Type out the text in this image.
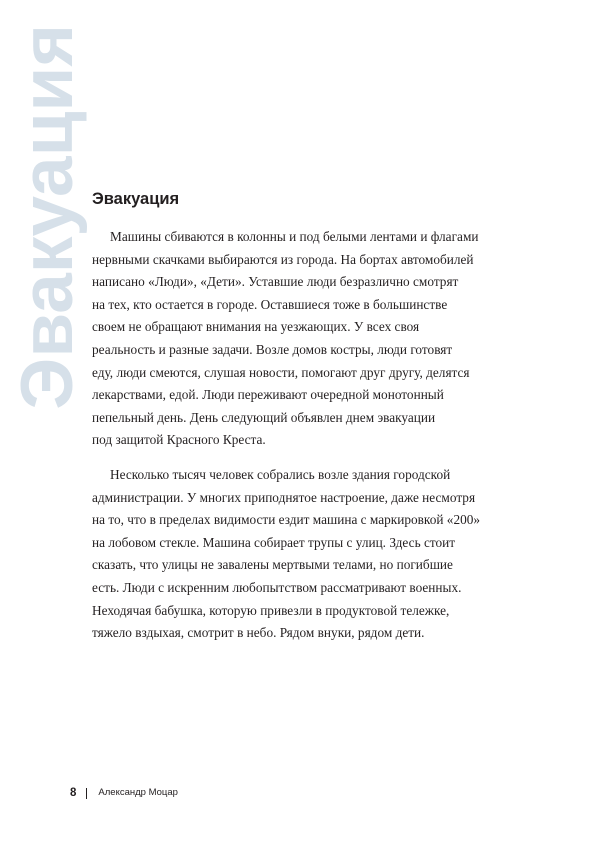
Эвакуация Эвакуация

Машины сбиваются в колонны и под белыми лентами и флагами
нервными скачками выбираются из города. На бортах автомобилей
написано «Люди», «Дети». Уставшие люди безразлично смотрят
на тех, кто остается в городе. Оставшиеся тоже в большинстве
своем не обращают внимания на уезжающих. У всех своя
реальность и разные задачи. Возле домов костры, люди готовят
еду, люди смеются, слушая новости, помогают друг другу, делятся
лекарствами, едой. Люди переживают очередной монотонный
пепельный день. День следующий объявлен днем эвакуации
под защитой Красного Креста.

Несколько тысяч человек собрались возле здания городской
администрации. У многих приподнятое настроение, даже несмотря
на то, что в пределах видимости ездит машина с маркировкой «200»
на лобовом стекле. Машина собирает трупы с улиц. Здесь стоит
сказать, что улицы не завалены мертвыми телами, но погибшие
есть. Люди с искренним любопытством рассматривают военных.
Неходячая бабушка, которую привезли в продуктовой тележке,
тяжело вздыхая, смотрит в небо. Рядом внуки, рядом дети.

8 Александр Моцар
